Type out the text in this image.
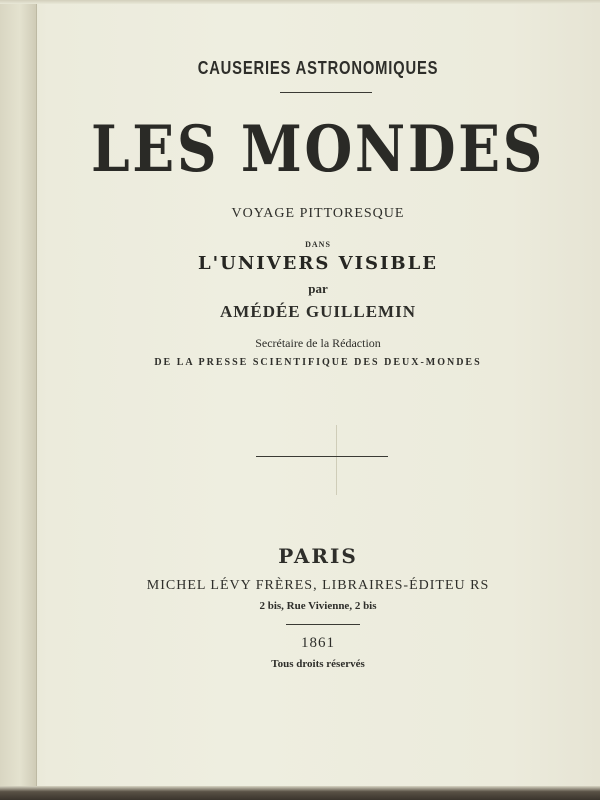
CAUSERIES ASTRONOMIQUES
LES MONDES
VOYAGE PITTORESQUE
DANS
L'UNIVERS VISIBLE
par
AMÉDÉE GUILLEMIN
Secrétaire de la Rédaction
DE LA PRESSE SCIENTIFIQUE DES DEUX-MONDES
PARIS
MICHEL LÉVY FRÈRES, LIBRAIRES-ÉDITEU RS
2 bis, Rue Vivienne, 2 bis
1861
Tous droits réservés
